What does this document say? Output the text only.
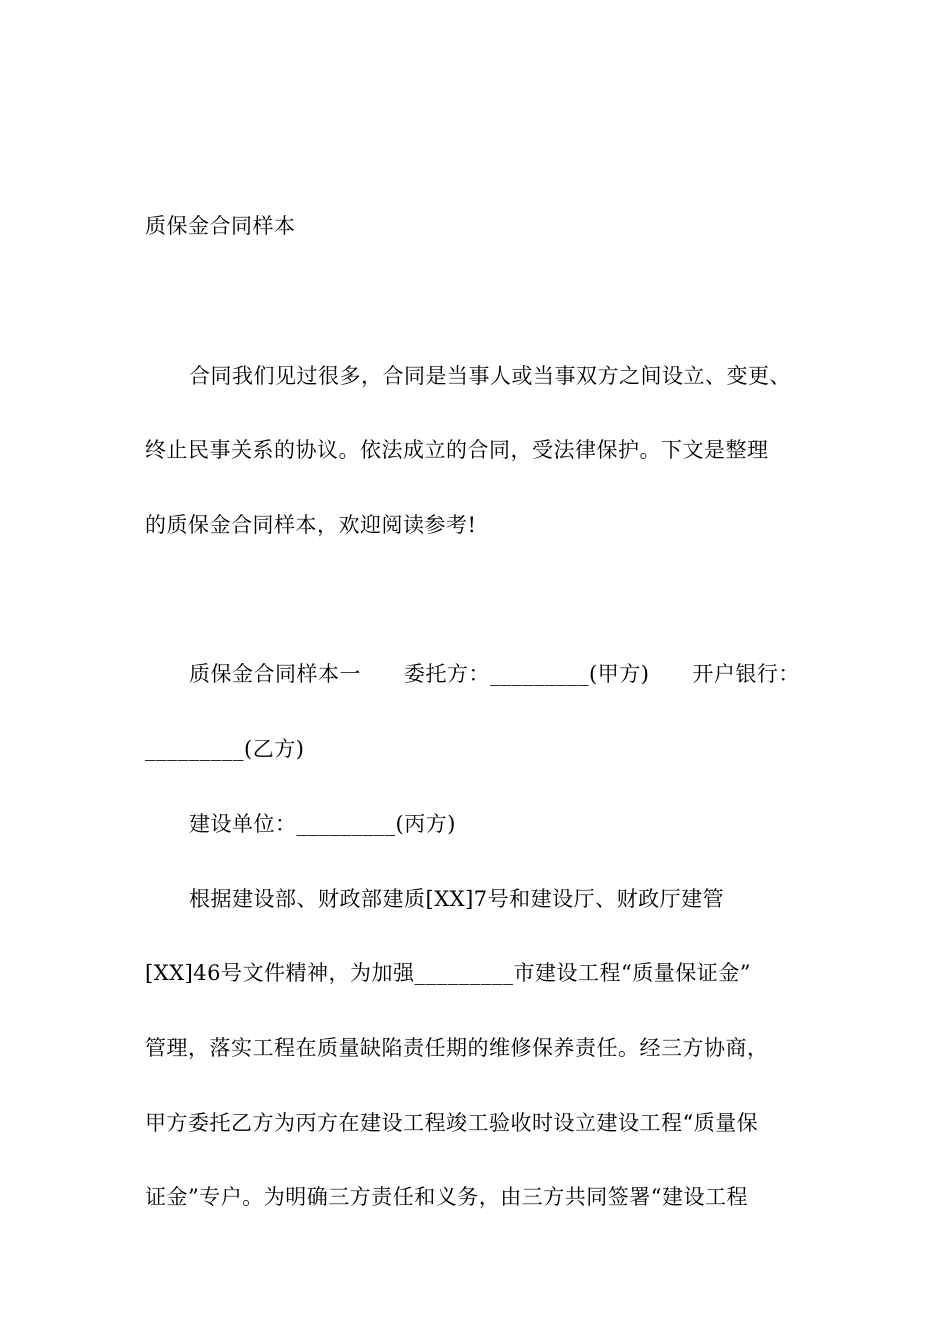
质保金合同样本
合同我们见过很多，合同是当事人或当事双方之间设立、变更、
终止民事关系的协议。依法成立的合同，受法律保护。下文是整理
的质保金合同样本，欢迎阅读参考!
质保金合同样本一　　委托方：_________(甲方)　　开户银行：
_________(乙方)
建设单位：_________(丙方)
根据建设部、财政部建质[XX]7号和建设厅、财政厅建管
[XX]46号文件精神，为加强_________市建设工程“质量保证金”
管理，落实工程在质量缺陷责任期的维修保养责任。经三方协商，
甲方委托乙方为丙方在建设工程竣工验收时设立建设工程“质量保
证金”专户。为明确三方责任和义务，由三方共同签署“建设工程
